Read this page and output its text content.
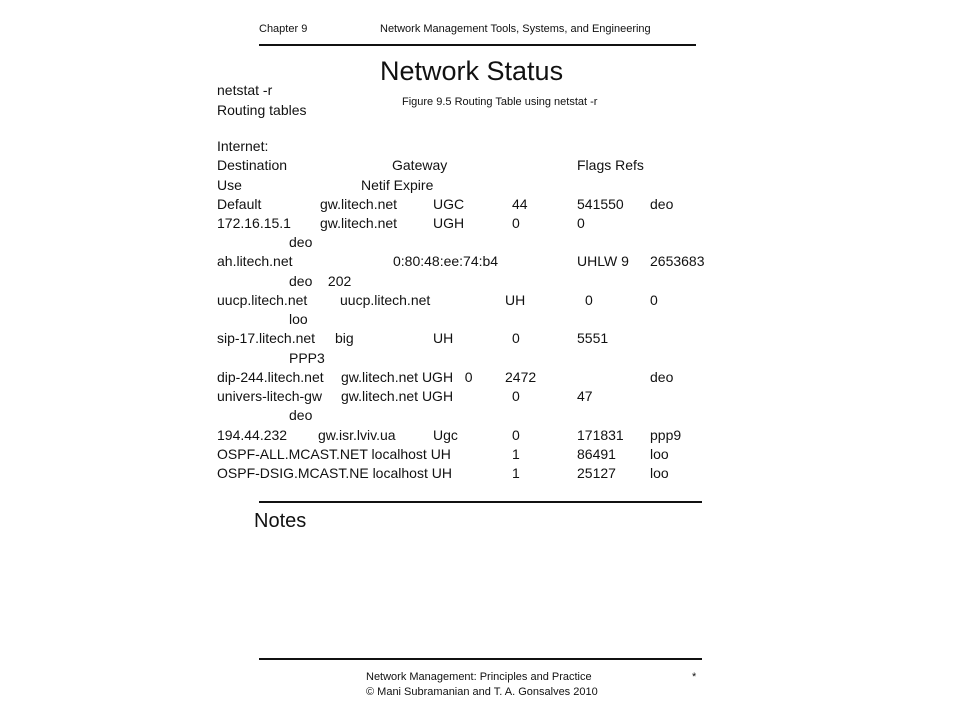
Chapter 9	Network Management Tools, Systems, and Engineering
Network Status
Figure 9.5 Routing Table using netstat -r
netstat -r
Routing tables
Internet:
Destination	Gateway	Flags Refs
Use	Netif Expire
Default	gw.litech.net	UGC	44	541550 deo
172.16.15.1 gw.litech.net	UGH	0	0
deo
ah.litech.net	0:80:48:ee:74:b4	UHLW 9 2653683
deo    202
uucp.litech.net uucp.litech.net	UH	0	0
loo
sip-17.litech.net big	UH	0	5551
PPP3
dip-244.litech.net gw.litech.net UGH   0 2472	deo
univers-litech-gw gw.litech.net UGH	0	47
deo
194.44.232 gw.isr.lviv.ua	Ugc	0	171831 ppp9
OSPF-ALL.MCAST.NET localhost UH	1	86491 loo
OSPF-DSIG.MCAST.NE localhost UH	1	25127 loo
Notes
Network Management: Principles and Practice
© Mani Subramanian and T. A. Gonsalves 2010
*
